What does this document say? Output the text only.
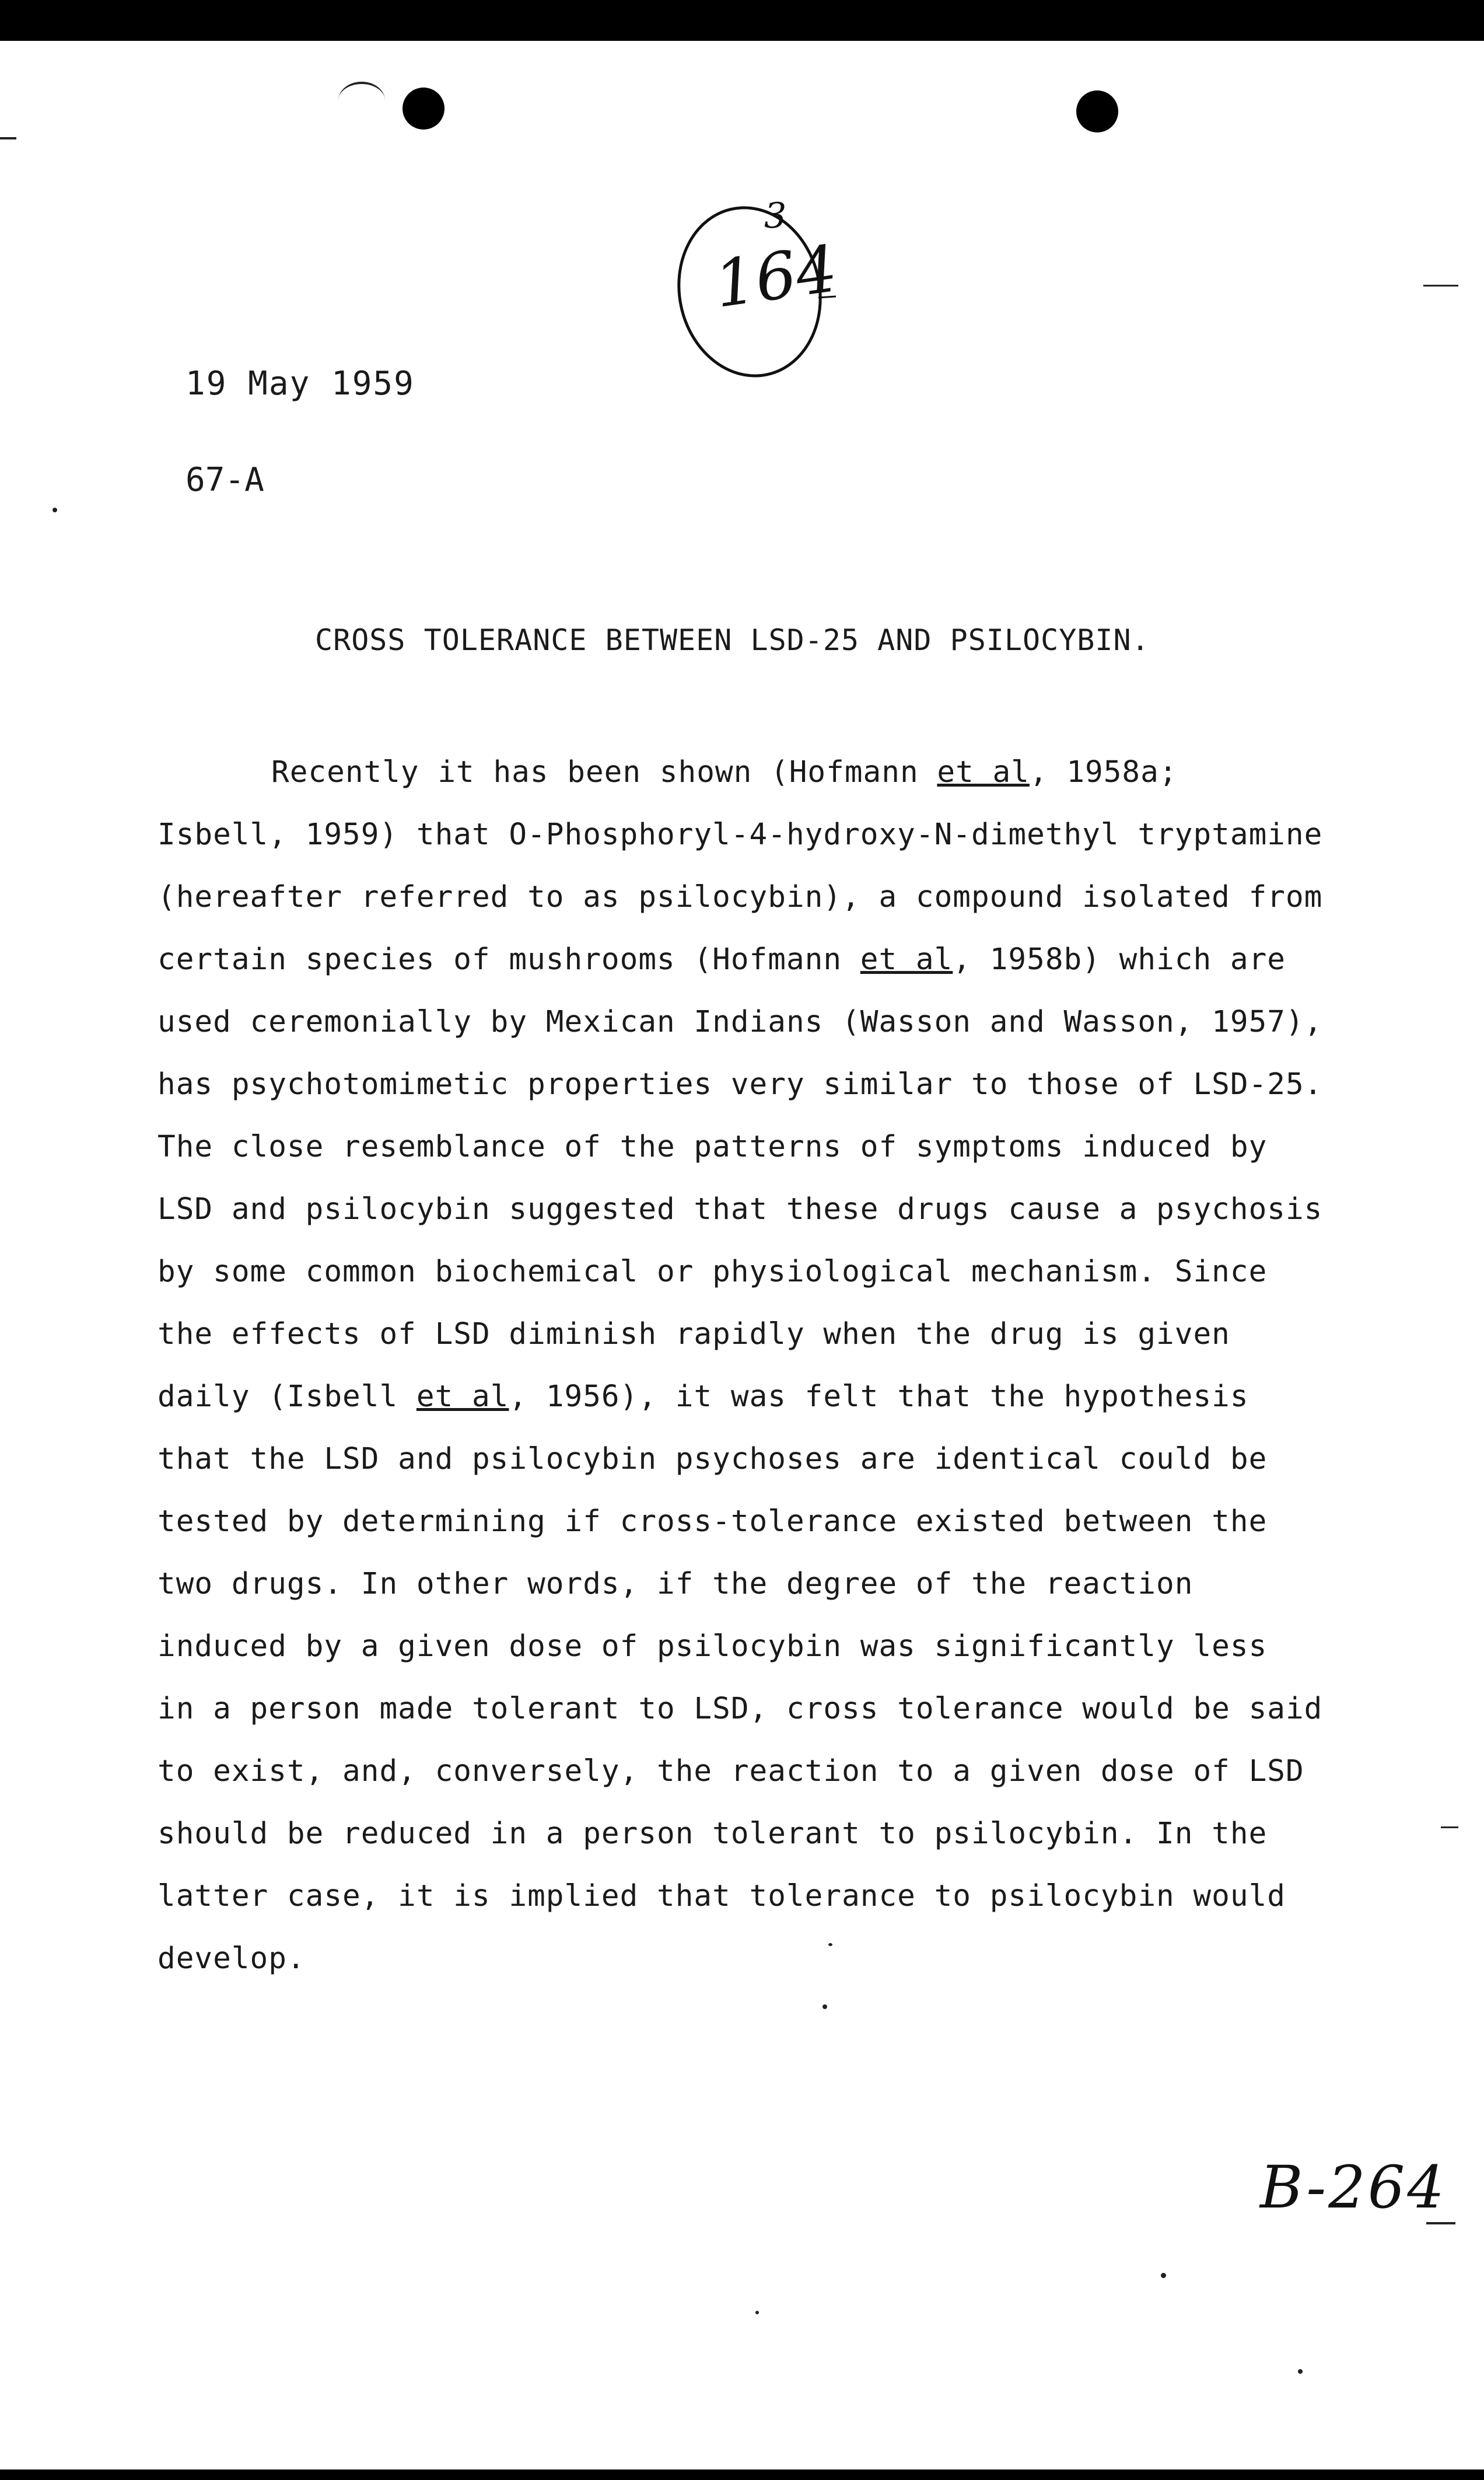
3
164
19 May 1959
67-A
CROSS TOLERANCE BETWEEN LSD-25 AND PSILOCYBIN.
Recently it has been shown (Hofmann et al, 1958a;
Isbell, 1959) that O-Phosphoryl-4-hydroxy-N-dimethyl tryptamine
(hereafter referred to as psilocybin), a compound isolated from
certain species of mushrooms (Hofmann et al, 1958b) which are
used ceremonially by Mexican Indians (Wasson and Wasson, 1957),
has psychotomimetic properties very similar to those of LSD-25.
The close resemblance of the patterns of symptoms induced by
LSD and psilocybin suggested that these drugs cause a psychosis
by some common biochemical or physiological mechanism. Since
the effects of LSD diminish rapidly when the drug is given
daily (Isbell et al, 1956), it was felt that the hypothesis
that the LSD and psilocybin psychoses are identical could be
tested by determining if cross-tolerance existed between the
two drugs. In other words, if the degree of the reaction
induced by a given dose of psilocybin was significantly less
in a person made tolerant to LSD, cross tolerance would be said
to exist, and, conversely, the reaction to a given dose of LSD
should be reduced in a person tolerant to psilocybin. In the
latter case, it is implied that tolerance to psilocybin would
develop.
B-264
